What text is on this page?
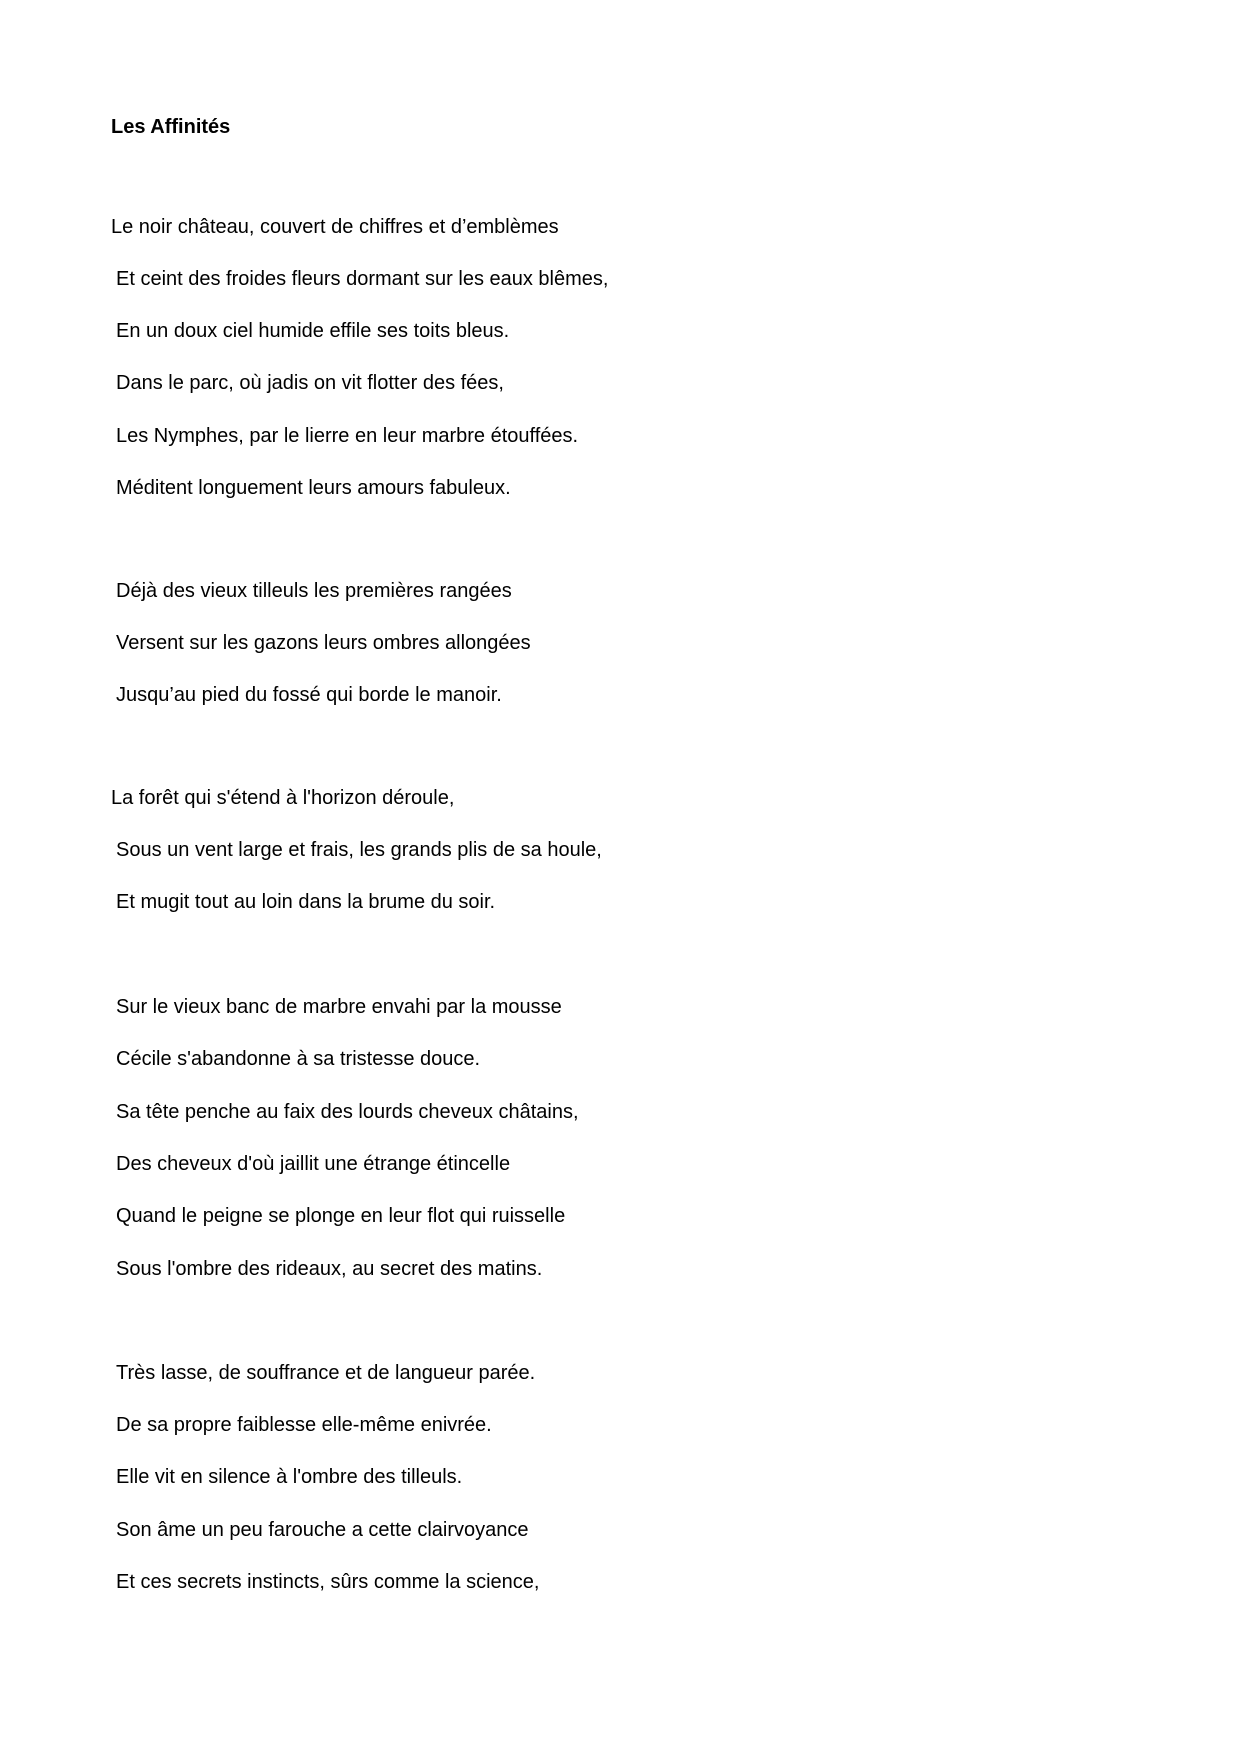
Les Affinités

Le noir château, couvert de chiffres et d’emblèmes

Et ceint des froides fleurs dormant sur les eaux blêmes,

En un doux ciel humide effile ses toits bleus.

Dans le parc, où jadis on vit flotter des fées,

Les Nymphes, par le lierre en leur marbre étouffées.

Méditent longuement leurs amours fabuleux.

Déjà des vieux tilleuls les premières rangées

Versent sur les gazons leurs ombres allongées

Jusqu’au pied du fossé qui borde le manoir.

La forêt qui s'étend à l'horizon déroule,

Sous un vent large et frais, les grands plis de sa houle,

Et mugit tout au loin dans la brume du soir.

Sur le vieux banc de marbre envahi par la mousse

Cécile s'abandonne à sa tristesse douce.

Sa tête penche au faix des lourds cheveux châtains,

Des cheveux d'où jaillit une étrange étincelle

Quand le peigne se plonge en leur flot qui ruisselle

Sous l'ombre des rideaux, au secret des matins.

Très lasse, de souffrance et de langueur parée.

De sa propre faiblesse elle-même enivrée.

Elle vit en silence à l'ombre des tilleuls.

Son âme un peu farouche a cette clairvoyance

Et ces secrets instincts, sûrs comme la science,
